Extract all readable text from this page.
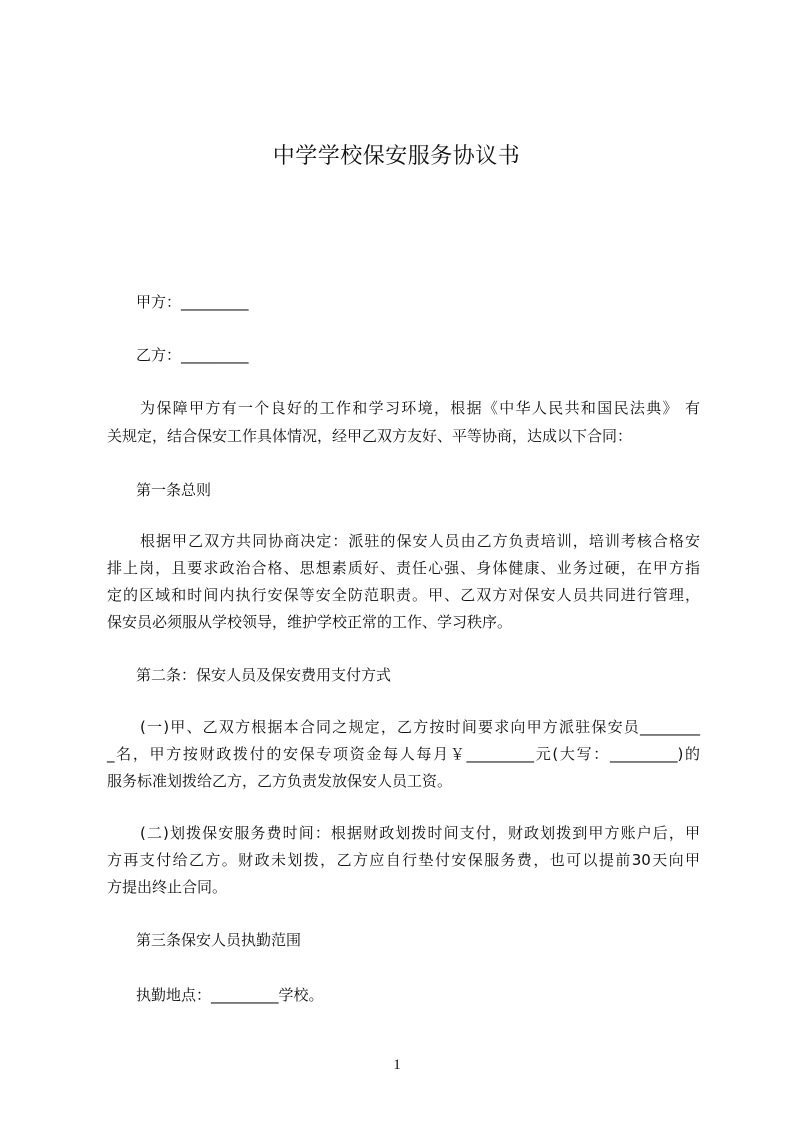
中学学校保安服务协议书
甲方：_________
乙方：_________
为保障甲方有一个良好的工作和学习环境，根据《中华人民共和国民法典》 有
关规定，结合保安工作具体情况，经甲乙双方友好、平等协商，达成以下合同：
第一条总则
根据甲乙双方共同协商决定：派驻的保安人员由乙方负责培训，培训考核合格安
排上岗，且要求政治合格、思想素质好、责任心强、身体健康、业务过硬，在甲方指
定的区域和时间内执行安保等安全防范职责。甲、乙双方对保安人员共同进行管理，
保安员必须服从学校领导，维护学校正常的工作、学习秩序。
第二条：保安人员及保安费用支付方式
(一)甲、乙双方根据本合同之规定，乙方按时间要求向甲方派驻保安员________
_名，甲方按财政拨付的安保专项资金每人每月￥_________元(大写：_________)的
服务标准划拨给乙方，乙方负责发放保安人员工资。
(二)划拨保安服务费时间：根据财政划拨时间支付，财政划拨到甲方账户后，甲
方再支付给乙方。财政未划拨，乙方应自行垫付安保服务费，也可以提前30天向甲
方提出终止合同。
第三条保安人员执勤范围
执勤地点：_________学校。
1
